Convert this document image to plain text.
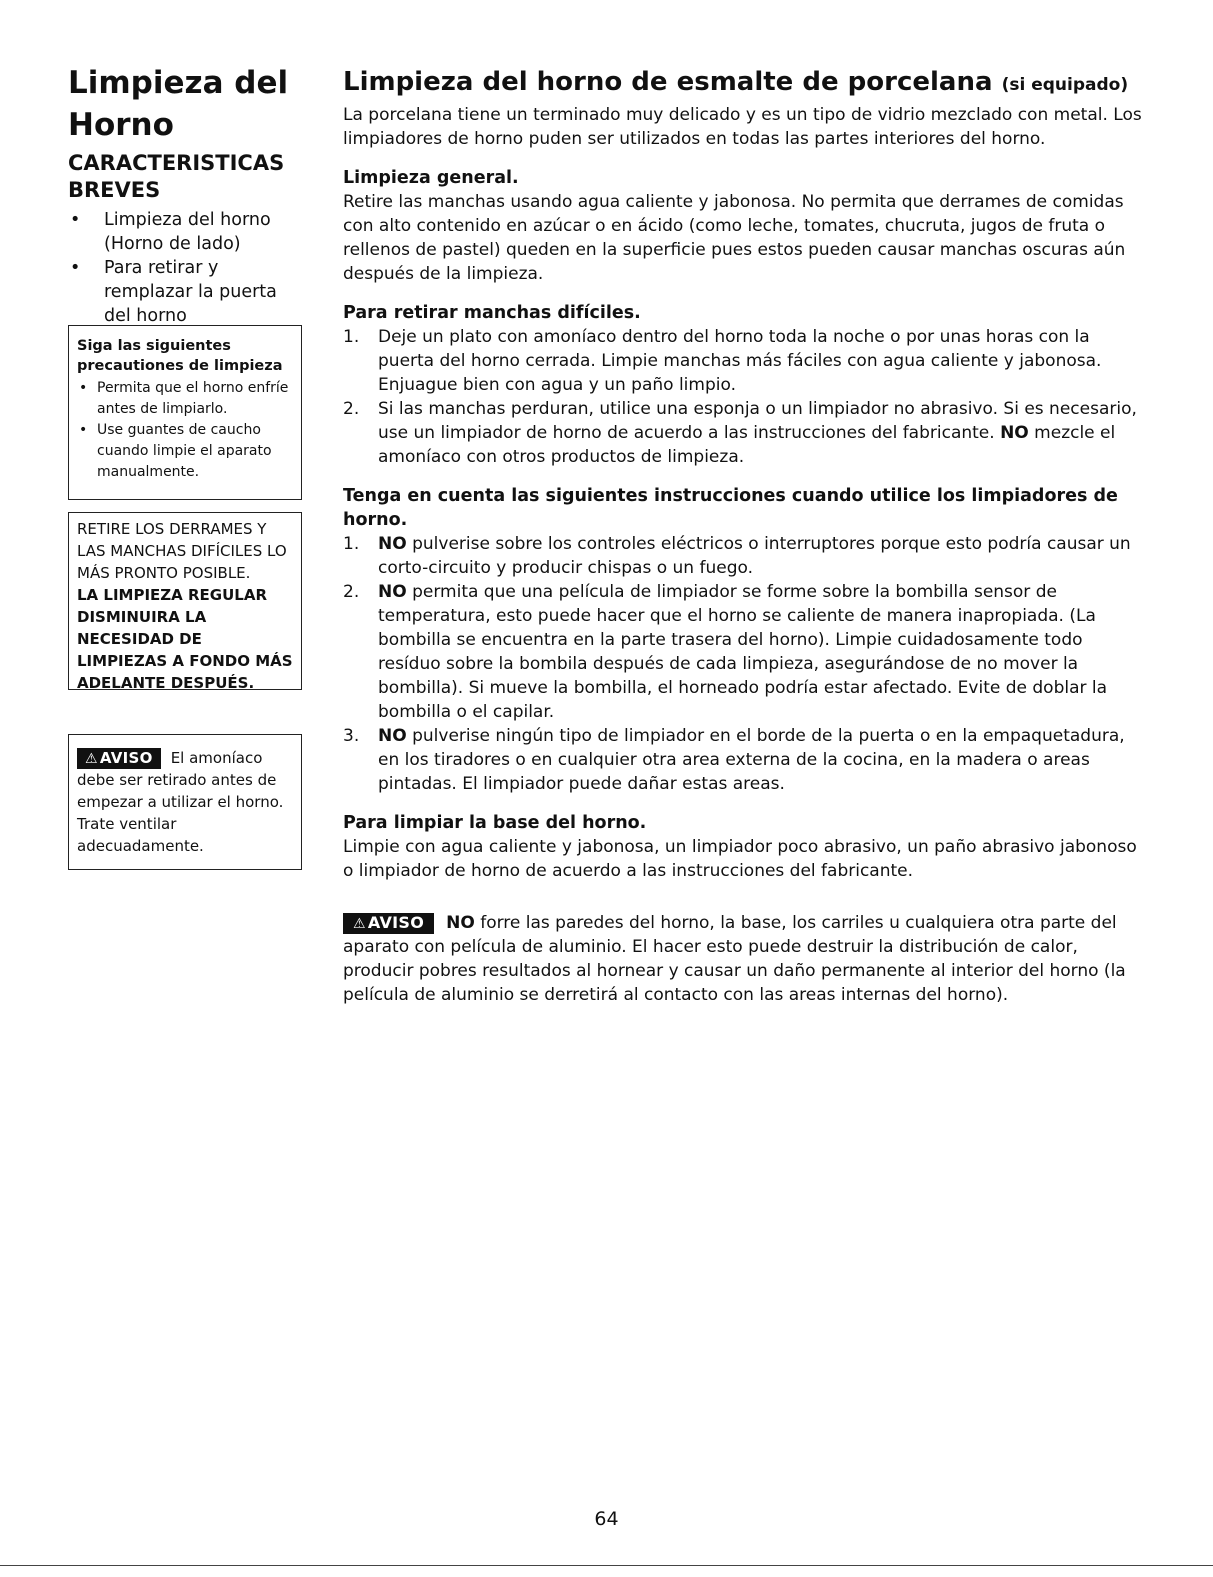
Limpieza del
Horno
CARACTERISTICAS
BREVES
• Limpieza del horno (Horno de lado)
• Para retirar y remplazar la puerta del horno

Siga las siguientes precautiones de limpieza

• Permita que el horno enfríe antes de limpiarlo.
• Use guantes de caucho cuando limpie el aparato manualmente.

RETIRE LOS DERRAMES Y LAS MANCHAS DIFÍCILES LO MÁS PRONTO POSIBLE.

LA LIMPIEZA REGULAR DISMINUIRA LA NECESIDAD DE LIMPIEZAS A FONDO MÁS ADELANTE DESPUÉS.

⚠ AVISO El amoníaco debe ser retirado antes de empezar a utilizar el horno. Trate ventilar adecuadamente.
Limpieza del horno de esmalte de porcelana (si equipado)

La porcelana tiene un terminado muy delicado y es un tipo de vidrio mezclado con metal. Los limpiadores de horno puden ser utilizados en todas las partes interiores del horno.

Limpieza general.

Retire las manchas usando agua caliente y jabonosa. No permita que derrames de comidas con alto contenido en azúcar o en ácido (como leche, tomates, chucruta, jugos de fruta o rellenos de pastel) queden en la superficie pues estos pueden causar manchas oscuras aún después de la limpieza.

Para retirar manchas difíciles.

1. Deje un plato con amoníaco dentro del horno toda la noche o por unas horas con la puerta del horno cerrada. Limpie manchas más fáciles con agua caliente y jabonosa. Enjuague bien con agua y un paño limpio.
2. Si las manchas perduran, utilice una esponja o un limpiador no abrasivo. Si es necesario, use un limpiador de horno de acuerdo a las instrucciones del fabricante. NO mezcle el amoníaco con otros productos de limpieza.

Tenga en cuenta las siguientes instrucciones cuando utilice los limpiadores de horno.

1. NO pulverise sobre los controles eléctricos o interruptores porque esto podría causar un corto-circuito y producir chispas o un fuego.
2. NO permita que una película de limpiador se forme sobre la bombilla sensor de temperatura, esto puede hacer que el horno se caliente de manera inapropiada. (La bombilla se encuentra en la parte trasera del horno). Limpie cuidadosamente todo resíduo sobre la bombila después de cada limpieza, asegurándose de no mover la bombilla). Si mueve la bombilla, el horneado podría estar afectado. Evite de doblar la bombilla o el capilar.
3. NO pulverise ningún tipo de limpiador en el borde de la puerta o en la empaquetadura, en los tiradores o en cualquier otra area externa de la cocina, en la madera o areas pintadas. El limpiador puede dañar estas areas.

Para limpiar la base del horno.

Limpie con agua caliente y jabonosa, un limpiador poco abrasivo, un paño abrasivo jabonoso o limpiador de horno de acuerdo a las instrucciones del fabricante.

⚠ AVISO NO forre las paredes del horno, la base, los carriles u cualquiera otra parte del aparato con película de aluminio. El hacer esto puede destruir la distribución de calor, producir pobres resultados al hornear y causar un daño permanente al interior del horno (la película de aluminio se derretirá al contacto con las areas internas del horno).

64
